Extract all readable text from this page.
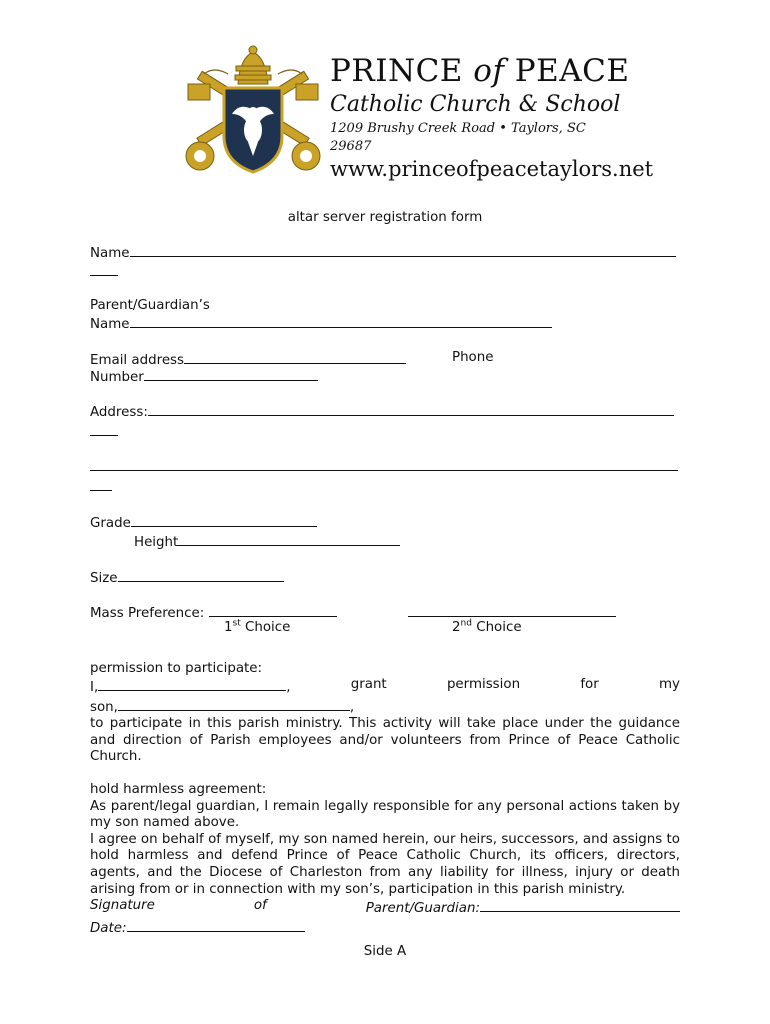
PRINCE of PEACE
Catholic Church & School
1209 Brushy Creek Road • Taylors, SC 29687
www.princeofpeacetaylors.net
altar server registration form
Name
Parent/Guardian’s
Name
Email address	Phone
Number
Address:
Grade
Height
Size
Mass Preference:
1st Choice	2nd Choice
permission to participate:
I,	,	grant	permission	for	my
son,	,
to participate in this parish ministry. This activity will take place under the guidance and direction of Parish employees and/or volunteers from Prince of Peace Catholic Church.
hold harmless agreement:
As parent/legal guardian, I remain legally responsible for any personal actions taken by my son named above.
I agree on behalf of myself, my son named herein, our heirs, successors, and assigns to hold harmless and defend Prince of Peace Catholic Church, its officers, directors, agents, and the Diocese of Charleston from any liability for illness, injury or death arising from or in connection with my son’s, participation in this parish ministry.
Signature	of	Parent/Guardian:
Date:
Side A
